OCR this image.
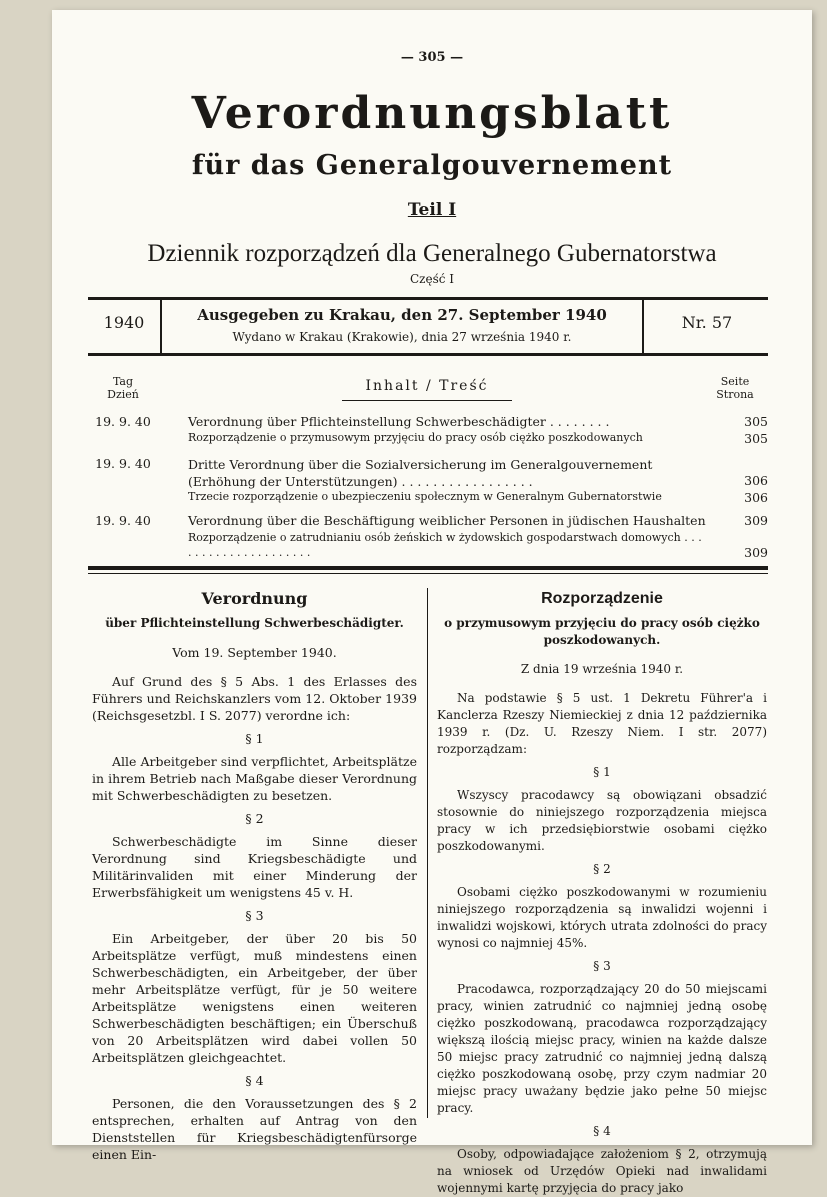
— 305 —
Verordnungsblatt
für das Generalgouvernement
Teil I
Dziennik rozporządzeń dla Generalnego Gubernatorstwa
Część I
1940	Ausgegeben zu Krakau, den 27. September 1940
Wydano w Krakau (Krakowie), dnia 27 września 1940 r.
Nr. 57
Tag
Dzień
Inhalt / Treść	Seite
Strona
19. 9. 40	Verordnung über Pflichteinstellung Schwerbeschädigter . . . . . . . .	305
Rozporządzenie o przymusowym przyjęciu do pracy osób ciężko poszkodowanych	305
19. 9. 40	Dritte Verordnung über die Sozialversicherung im Generalgouvernement (Erhöhung der Unterstützungen) . . . . . . . . . . . . . . . . .	306
Trzecie rozporządzenie o ubezpieczeniu społecznym w Generalnym Gubernatorstwie	306
19. 9. 40	Verordnung über die Beschäftigung weiblicher Personen in jüdischen Haushalten	309
Rozporządzenie o zatrudnianiu osób żeńskich w żydowskich gospodarstwach domowych . . . . . . . . . . . . . . . . . . . . .	309
Verordnung
über Pflichteinstellung Schwerbeschädigter.
Vom 19. September 1940.

Auf Grund des § 5 Abs. 1 des Erlasses des Führers und Reichskanzlers vom 12. Oktober 1939 (Reichsgesetzbl. I S. 2077) verordne ich:

§ 1

Alle Arbeitgeber sind verpflichtet, Arbeitsplätze in ihrem Betrieb nach Maßgabe dieser Verordnung mit Schwerbeschädigten zu besetzen.

§ 2

Schwerbeschädigte im Sinne dieser Verordnung sind Kriegsbeschädigte und Militärinvaliden mit einer Minderung der Erwerbsfähigkeit um wenigstens 45 v. H.

§ 3

Ein Arbeitgeber, der über 20 bis 50 Arbeitsplätze verfügt, muß mindestens einen Schwerbeschädigten, ein Arbeitgeber, der über mehr Arbeitsplätze verfügt, für je 50 weitere Arbeitsplätze wenigstens einen weiteren Schwerbeschädigten beschäftigen; ein Überschuß von 20 Arbeitsplätzen wird dabei vollen 50 Arbeitsplätzen gleichgeachtet.

§ 4

Personen, die den Voraussetzungen des § 2 entsprechen, erhalten auf Antrag von den Dienststellen für Kriegsbeschädigtenfürsorge einen Ein-

Rozporządzenie
o przymusowym przyjęciu do pracy osób ciężko poszkodowanych.
Z dnia 19 września 1940 r.

Na podstawie § 5 ust. 1 Dekretu Führer'a i Kanclerza Rzeszy Niemieckiej z dnia 12 października 1939 r. (Dz. U. Rzeszy Niem. I str. 2077) rozporządzam:

§ 1

Wszyscy pracodawcy są obowiązani obsadzić stosownie do niniejszego rozporządzenia miejsca pracy w ich przedsiębiorstwie osobami ciężko poszkodowanymi.

§ 2

Osobami ciężko poszkodowanymi w rozumieniu niniejszego rozporządzenia są inwalidzi wojenni i inwalidzi wojskowi, których utrata zdolności do pracy wynosi co najmniej 45%.

§ 3

Pracodawca, rozporządzający 20 do 50 miejscami pracy, winien zatrudnić co najmniej jedną osobę ciężko poszkodowaną, pracodawca rozporządzający większą ilością miejsc pracy, winien na każde dalsze 50 miejsc pracy zatrudnić co najmniej jedną dalszą ciężko poszkodowaną osobę, przy czym nadmiar 20 miejsc pracy uważany będzie jako pełne 50 miejsc pracy.

§ 4

Osoby, odpowiadające założeniom § 2, otrzymują na wniosek od Urzędów Opieki nad inwalidami wojennymi kartę przyjęcia do pracy jako
